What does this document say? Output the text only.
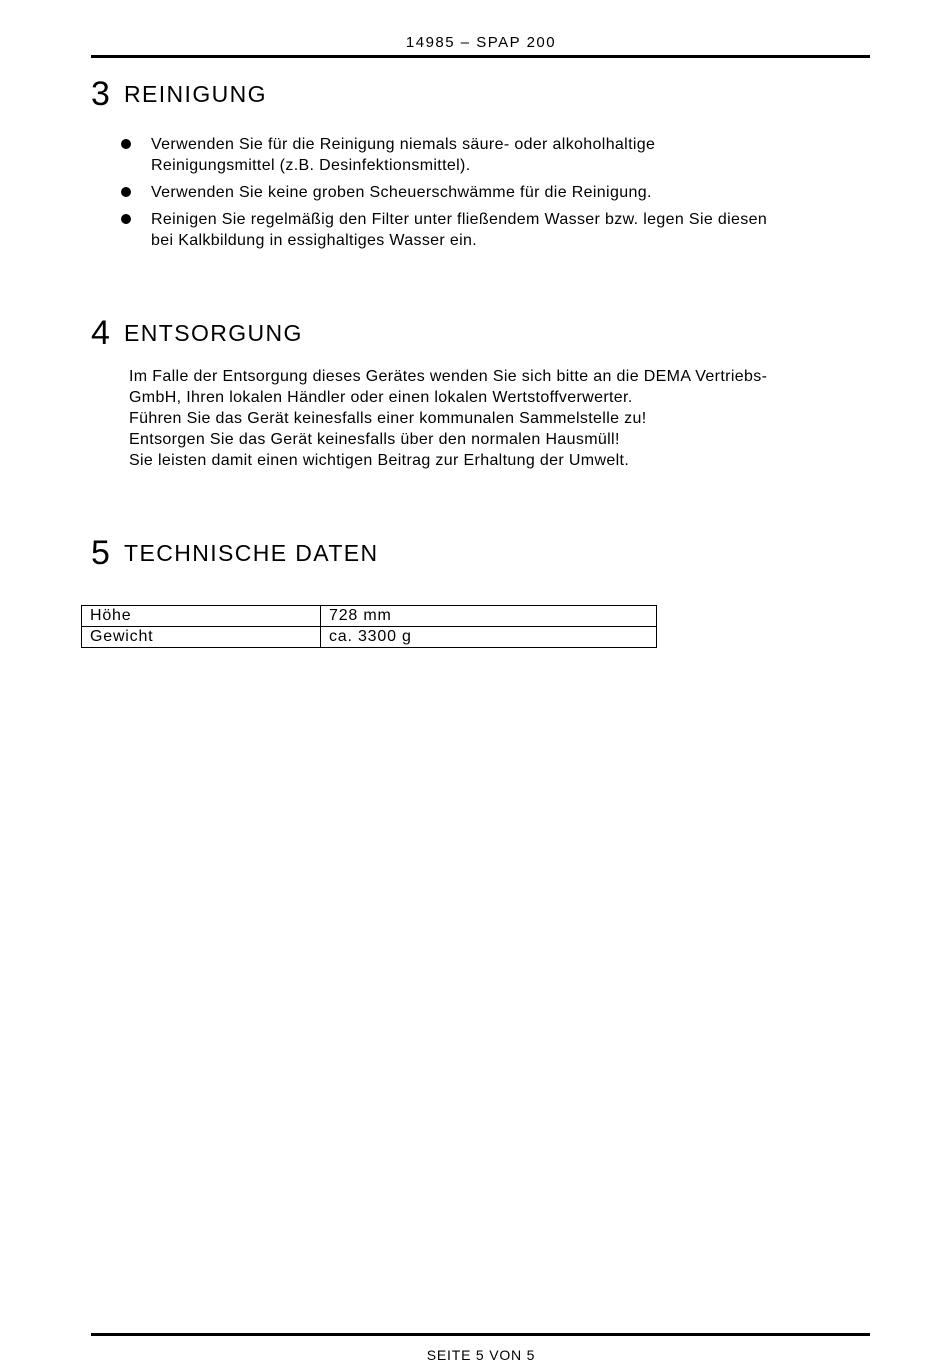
14985 – SPAP 200
3 REINIGUNG
Verwenden Sie für die Reinigung niemals säure- oder alkoholhaltige
Reinigungsmittel (z.B. Desinfektionsmittel).
Verwenden Sie keine groben Scheuerschwämme für die Reinigung.
Reinigen Sie regelmäßig den Filter unter fließendem Wasser bzw. legen Sie diesen
bei Kalkbildung in essighaltiges Wasser ein.
4 ENTSORGUNG

Im Falle der Entsorgung dieses Gerätes wenden Sie sich bitte an die DEMA Vertriebs-

GmbH, Ihren lokalen Händler oder einen lokalen Wertstoffverwerter.

Führen Sie das Gerät keinesfalls einer kommunalen Sammelstelle zu!

Entsorgen Sie das Gerät keinesfalls über den normalen Hausmüll!

Sie leisten damit einen wichtigen Beitrag zur Erhaltung der Umwelt.

5 TECHNISCHE DATEN
Höhe	728 mm
Gewicht	ca. 3300 g
SEITE 5 VON 5
